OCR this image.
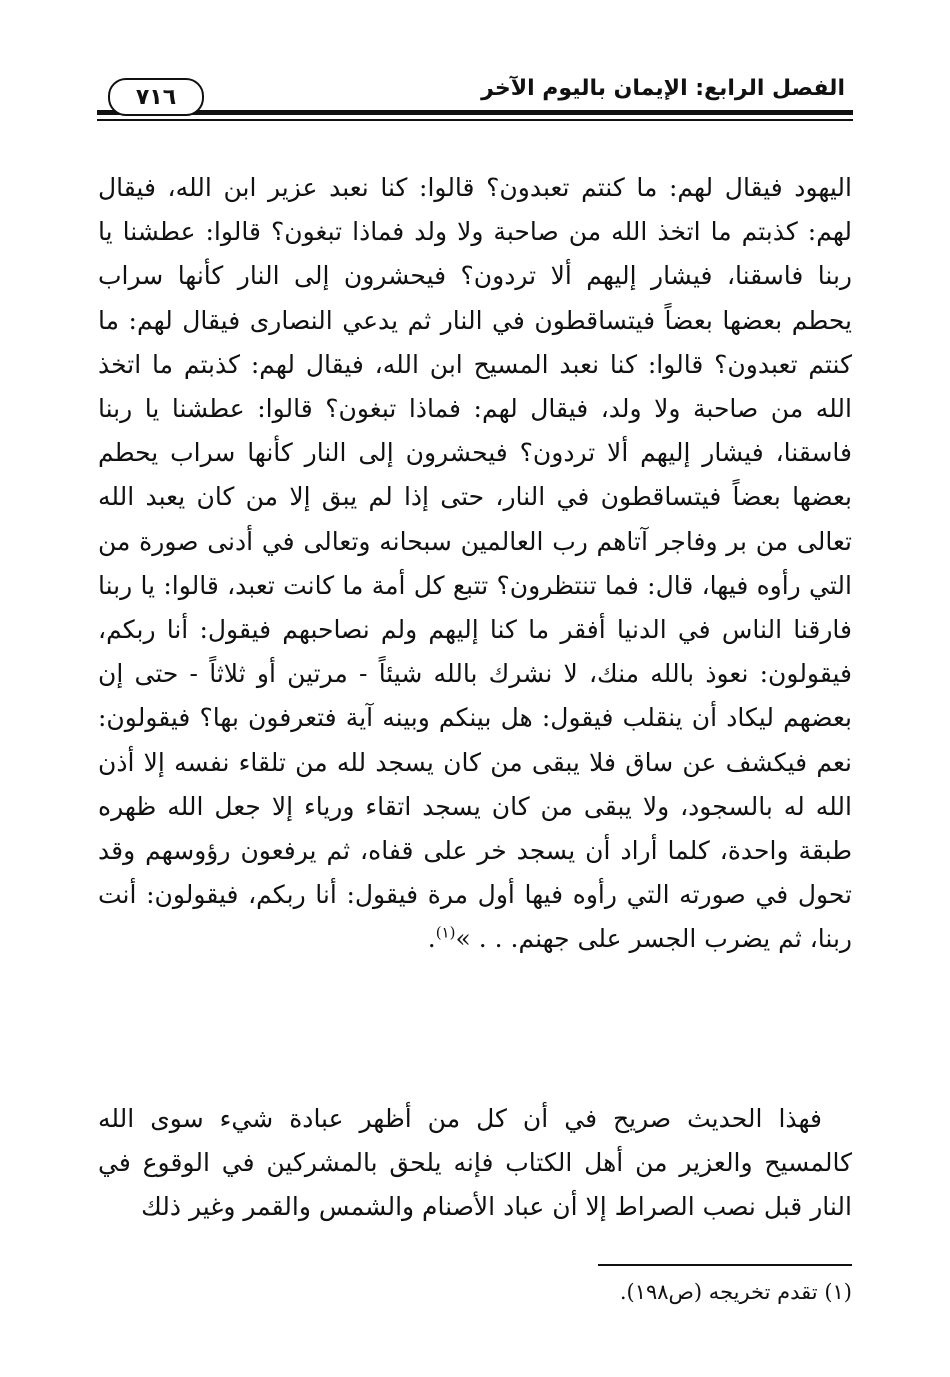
الفصل الرابع: الإيمان باليوم الآخر
٧١٦
اليهود فيقال لهم: ما كنتم تعبدون؟ قالوا: كنا نعبد عزير ابن الله، فيقال لهم: كذبتم ما اتخذ الله من صاحبة ولا ولد فماذا تبغون؟ قالوا: عطشنا يا ربنا فاسقنا، فيشار إليهم ألا تردون؟ فيحشرون إلى النار كأنها سراب يحطم بعضها بعضاً فيتساقطون في النار ثم يدعي النصارى فيقال لهم: ما كنتم تعبدون؟ قالوا: كنا نعبد المسيح ابن الله، فيقال لهم: كذبتم ما اتخذ الله من صاحبة ولا ولد، فيقال لهم: فماذا تبغون؟ قالوا: عطشنا يا ربنا فاسقنا، فيشار إليهم ألا تردون؟ فيحشرون إلى النار كأنها سراب يحطم بعضها بعضاً فيتساقطون في النار، حتى إذا لم يبق إلا من كان يعبد الله تعالى من بر وفاجر آتاهم رب العالمين سبحانه وتعالى في أدنى صورة من التي رأوه فيها، قال: فما تنتظرون؟ تتبع كل أمة ما كانت تعبد، قالوا: يا ربنا فارقنا الناس في الدنيا أفقر ما كنا إليهم ولم نصاحبهم فيقول: أنا ربكم، فيقولون: نعوذ بالله منك، لا نشرك بالله شيئاً - مرتين أو ثلاثاً - حتى إن بعضهم ليكاد أن ينقلب فيقول: هل بينكم وبينه آية فتعرفون بها؟ فيقولون: نعم فيكشف عن ساق فلا يبقى من كان يسجد لله من تلقاء نفسه إلا أذن الله له بالسجود، ولا يبقى من كان يسجد اتقاء ورياء إلا جعل الله ظهره طبقة واحدة، كلما أراد أن يسجد خر على قفاه، ثم يرفعون رؤوسهم وقد تحول في صورته التي رأوه فيها أول مرة فيقول: أنا ربكم، فيقولون: أنت ربنا، ثم يضرب الجسر على جهنم. . . »$^{(١)}$.
فهذا الحديث صريح في أن كل من أظهر عبادة شيء سوى الله كالمسيح والعزير من أهل الكتاب فإنه يلحق بالمشركين في الوقوع في النار قبل نصب الصراط إلا أن عباد الأصنام والشمس والقمر وغير ذلك
(١) تقدم تخريجه (ص١٩٨).
